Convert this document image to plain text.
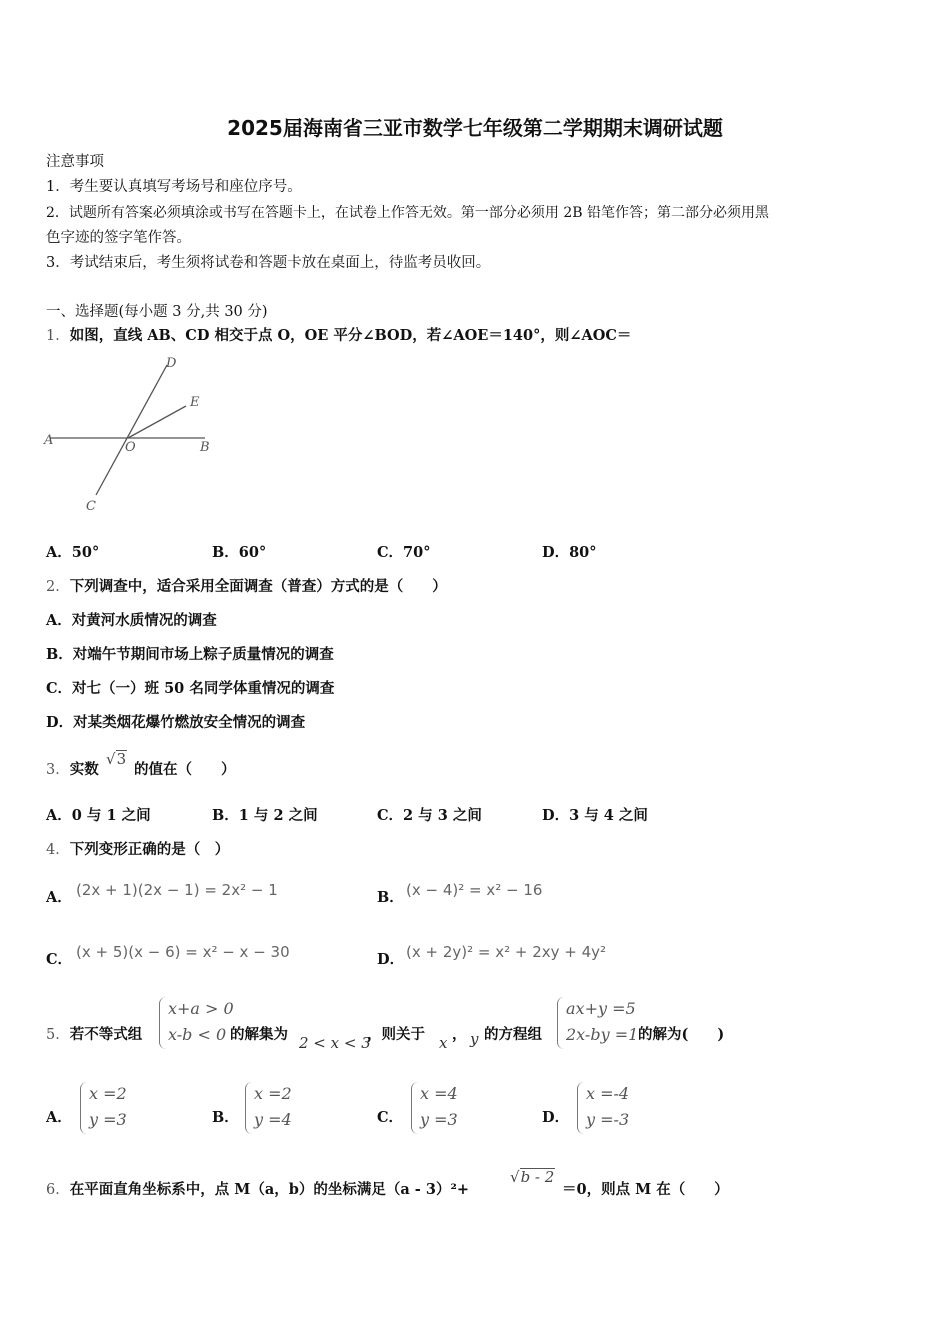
2025届海南省三亚市数学七年级第二学期期末调研试题
注意事项
1．考生要认真填写考场号和座位序号。
2．试题所有答案必须填涂或书写在答题卡上，在试卷上作答无效。第一部分必须用 2B 铅笔作答；第二部分必须用黑
色字迹的签字笔作答。
3．考试结束后，考生须将试卷和答题卡放在桌面上，待监考员收回。
一、选择题(每小题 3 分,共 30 分)
1．如图，直线 AB、CD 相交于点 O，OE 平分∠BOD，若∠AOE＝140°，则∠AOC＝
A	B
C
D
E
O
A．50°	B．60°	C．70°	D．80°
2．下列调查中，适合采用全面调查（普查）方式的是（　　）
A．对黄河水质情况的调查
B．对端午节期间市场上粽子质量情况的调查
C．对七（一）班 50 名同学体重情况的调查
D．对某类烟花爆竹燃放安全情况的调查
3．实数
√3
的值在（　　）
A．0 与 1 之间	B．1 与 2 之间	C．2 与 3 之间	D．3 与 4 之间
4．下列变形正确的是（　）
A． (2x + 1)(2x − 1) = 2x² − 1	B． (x − 4)² = x² − 16
C． (x + 5)(x − 6) = x² − x − 30	D． (x + 2y)² = x² + 2xy + 4y²
5．若不等式组
x+a > 0
x-b < 0 的解集为 2 < x < 3
，则关于 x ， y 的方程组
ax+y =5
2x-by =1 的解为(　　)
A．
x =2
y =3	B．
x =2
y =4	C．
x =4
y =3	D．
x =-4
y =-3
6．在平面直角坐标系中，点 M（a，b）的坐标满足（a - 3）²+
√b - 2
＝0，则点 M 在（　　）
